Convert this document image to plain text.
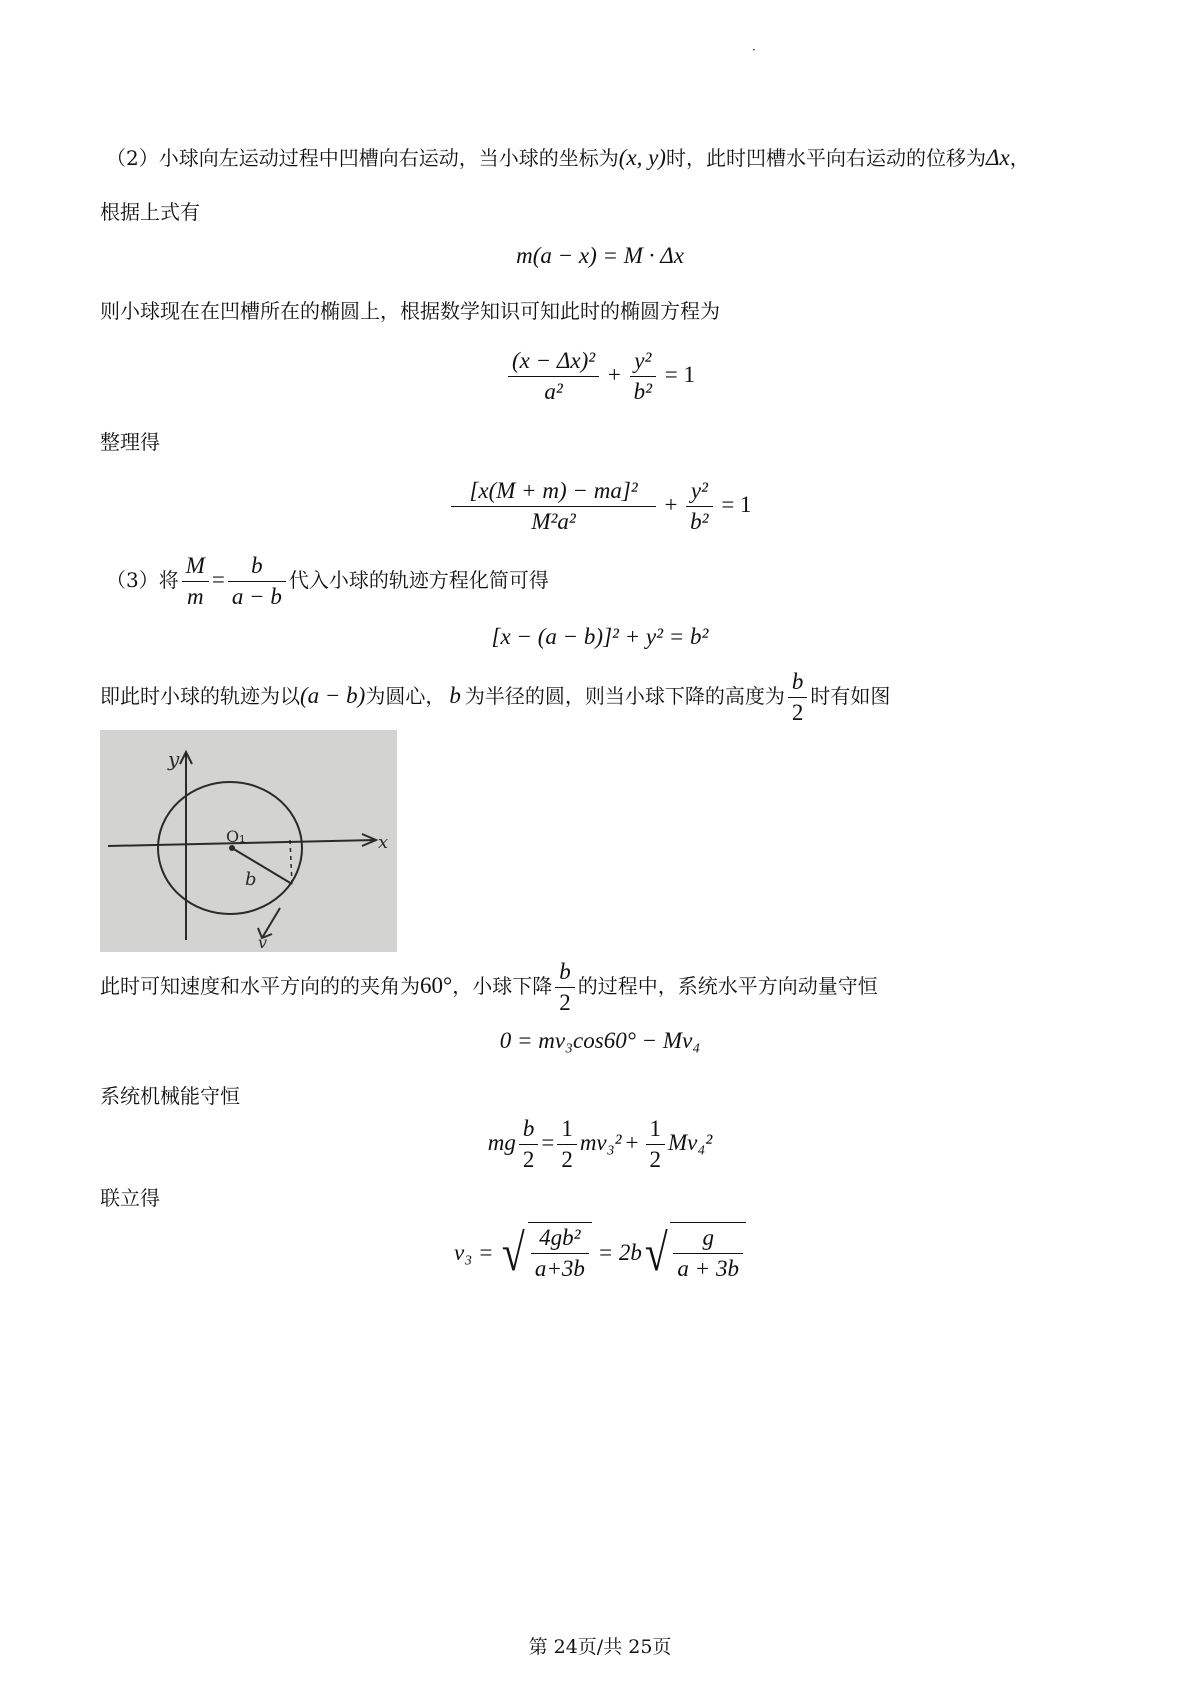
·
（2）小球向左运动过程中凹槽向右运动，当小球的坐标为(x, y)时，此时凹槽水平向右运动的位移为Δx，
根据上式有
m(a − x) = M · Δx
则小球现在在凹槽所在的椭圆上，根据数学知识可知此时的椭圆方程为
$\frac{\text{(x − Δx)²}}{\text{a²}} + \frac{\text{y²}}{\text{b²}} = 1$
整理得
$\frac{\text{[x(M + m) − ma]²}}{\text{M²a²}} + \frac{\text{y²}}{\text{b²}} = 1$
（3）将 $\frac{M}{m} = \frac{b}{a - b}$ 代入小球的轨迹方程化简可得
[x − (a − b)]² + y² = b²
即此时小球的轨迹为以(a − b)为圆心， b 为半径的圆，则当小球下降的高度为 $\frac{b}{2}$ 时有如图
y
x
O₁
b
v
此时可知速度和水平方向的的夹角为60°，小球下降 $\frac{b}{2}$ 的过程中，系统水平方向动量守恒
0 = mv₃cos60° − Mv₄
系统机械能守恒
mg $\frac{b}{2} = \frac{1}{2} mv_3^2 + \frac{1}{2} Mv_4^2$
联立得
v₃ = √ $\frac{\text{4gb²}}{a+3b} = 2b√ \frac{g}{a + 3b}$
第 24页/共 25页
